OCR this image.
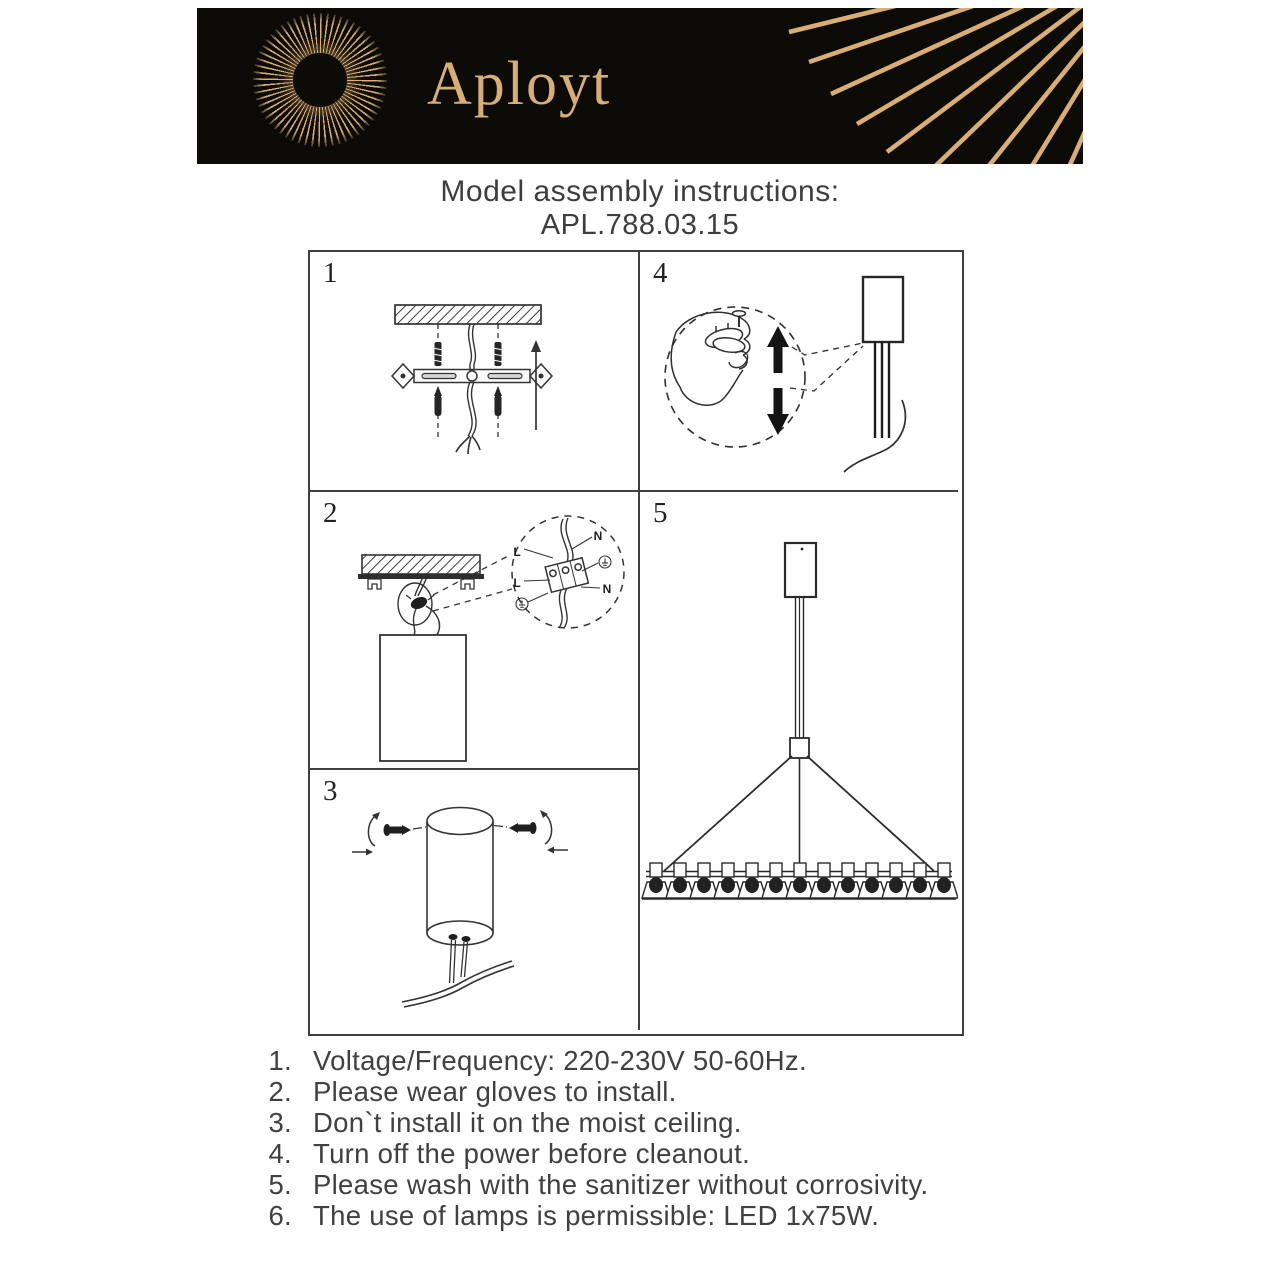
Aployt
Model assembly instructions:
APL.788.03.15
1
2
L
N
L	N
3
4
5
1. Voltage/Frequency: 220-230V 50-60Hz.
2. Please wear gloves to install.
3. Don`t install it on the moist ceiling.
4. Turn off the power before cleanout.
5. Please wash with the sanitizer without corrosivity.
6. The use of lamps is permissible: LED 1x75W.
